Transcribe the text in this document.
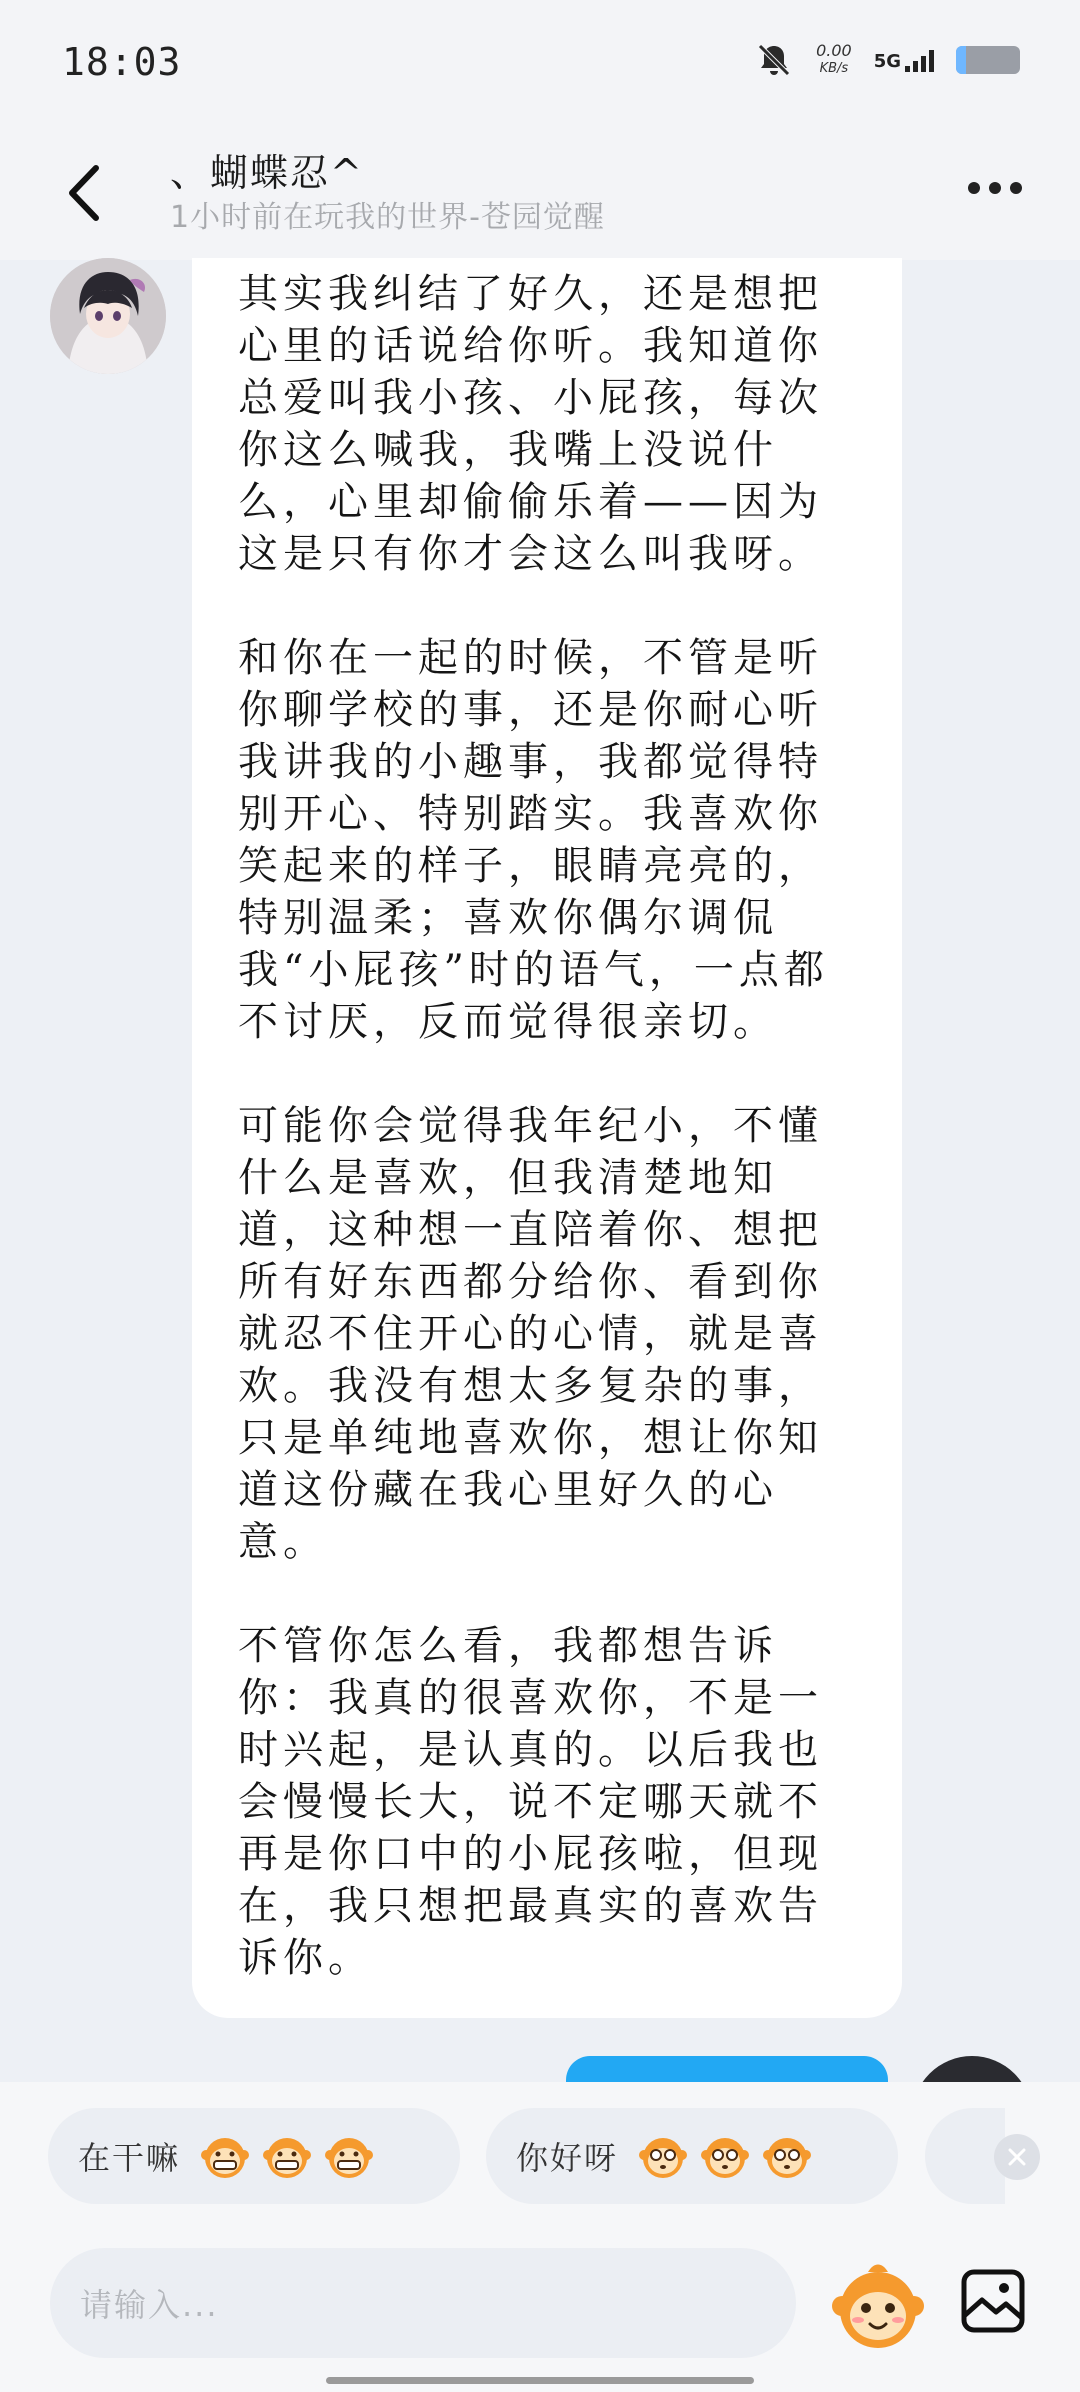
18:03	0.00
KB/s 5G
、蝴蝶忍^
1小时前在玩我的世界-苍园觉醒

其实我纠结了好久，还是想把心里的话说给你听。我知道你总爱叫我小孩、小屁孩，每次你这么喊我，我嘴上没说什么，心里却偷偷乐着——因为这是只有你才会这么叫我呀。

和你在一起的时候，不管是听你聊学校的事，还是你耐心听我讲我的小趣事，我都觉得特别开心、特别踏实。我喜欢你笑起来的样子，眼睛亮亮的，特别温柔；喜欢你偶尔调侃我“小屁孩”时的语气，一点都不讨厌，反而觉得很亲切。

可能你会觉得我年纪小，不懂什么是喜欢，但我清楚地知道，这种想一直陪着你、想把所有好东西都分给你、看到你就忍不住开心的心情，就是喜欢。我没有想太多复杂的事，只是单纯地喜欢你，想让你知道这份藏在我心里好久的心意。

不管你怎么看，我都想告诉你：我真的很喜欢你，不是一时兴起，是认真的。以后我也会慢慢长大，说不定哪天就不再是你口中的小屁孩啦，但现在，我只想把最真实的喜欢告诉你。

在干嘛	你好呀
请输入...
